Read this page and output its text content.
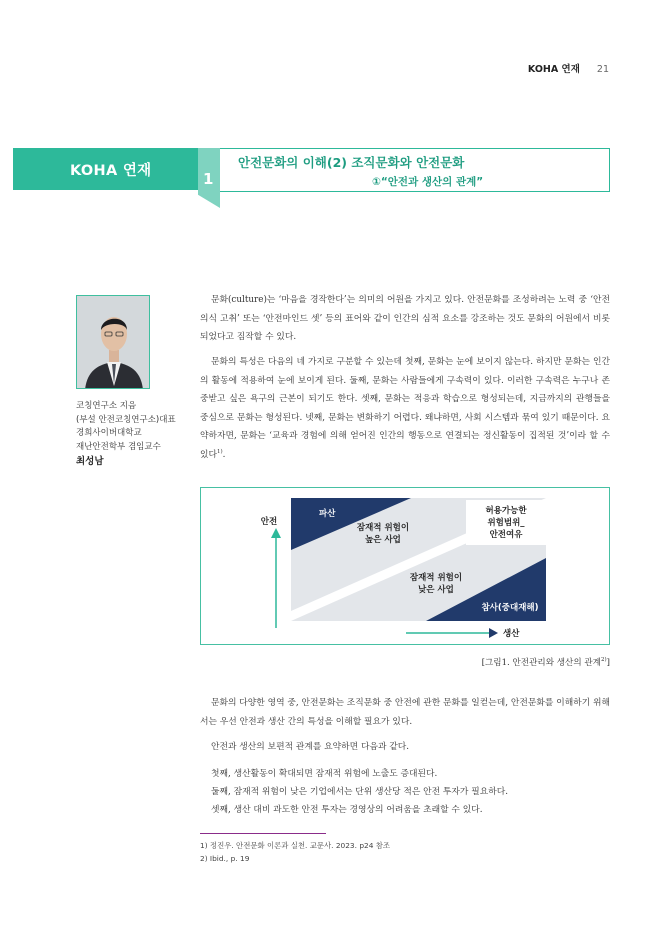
KOHA 연재 21
KOHA 연재	1
안전문화의 이해(2) 조직문화와 안전문화
①“안전과 생산의 관계”
코칭연구소 지음
(부설 안전코칭연구소)대표
경희사이버대학교
재난안전학부 겸임교수
최성남

문화(culture)는 ‘마음을 경작한다’는 의미의 어원을 가지고 있다. 안전문화를 조성하려는 노력 중 ‘안전의식 고취’ 또는 ‘안전마인드 셋’ 등의 표어와 같이 인간의 심적 요소를 강조하는 것도 문화의 어원에서 비롯되었다고 짐작할 수 있다.

문화의 특성은 다음의 네 가지로 구분할 수 있는데 첫째, 문화는 눈에 보이지 않는다. 하지만 문화는 인간의 활동에 적용하여 눈에 보이게 된다. 둘째, 문화는 사람들에게 구속력이 있다. 이러한 구속력은 누구나 존중받고 싶은 욕구의 근본이 되기도 한다. 셋째, 문화는 적응과 학습으로 형성되는데, 지금까지의 관행들을 중심으로 문화는 형성된다. 넷째, 문화는 변화하기 어렵다. 왜냐하면, 사회 시스템과 묶여 있기 때문이다. 요약하자면, 문화는 ‘교육과 경험에 의해 얻어진 인간의 행동으로 연결되는 정신활동이 집적된 것’이라 할 수 있다$^{1)}$.

안전
생산
파산
잠재적 위험이
높은 사업
허용가능한
위험범위_
안전여유
잠재적 위험이
낮은 사업
참사(중대재해)
[그림1. 안전관리와 생산의 관계$^{2)}$]

문화의 다양한 영역 중, 안전문화는 조직문화 중 안전에 관한 문화를 일컫는데, 안전문화를 이해하기 위해서는 우선 안전과 생산 간의 특성을 이해할 필요가 있다.

안전과 생산의 보편적 관계를 요약하면 다음과 같다.

첫째, 생산활동이 확대되면 잠재적 위험에 노출도 증대된다.
둘째, 잠재적 위험이 낮은 기업에서는 단위 생산당 적은 안전 투자가 필요하다.
셋째, 생산 대비 과도한 안전 투자는 경영상의 어려움을 초래할 수 있다.
1) 정진우. 안전문화 이론과 실천. 교문사. 2023. p24 참조
2) Ibid., p. 19
